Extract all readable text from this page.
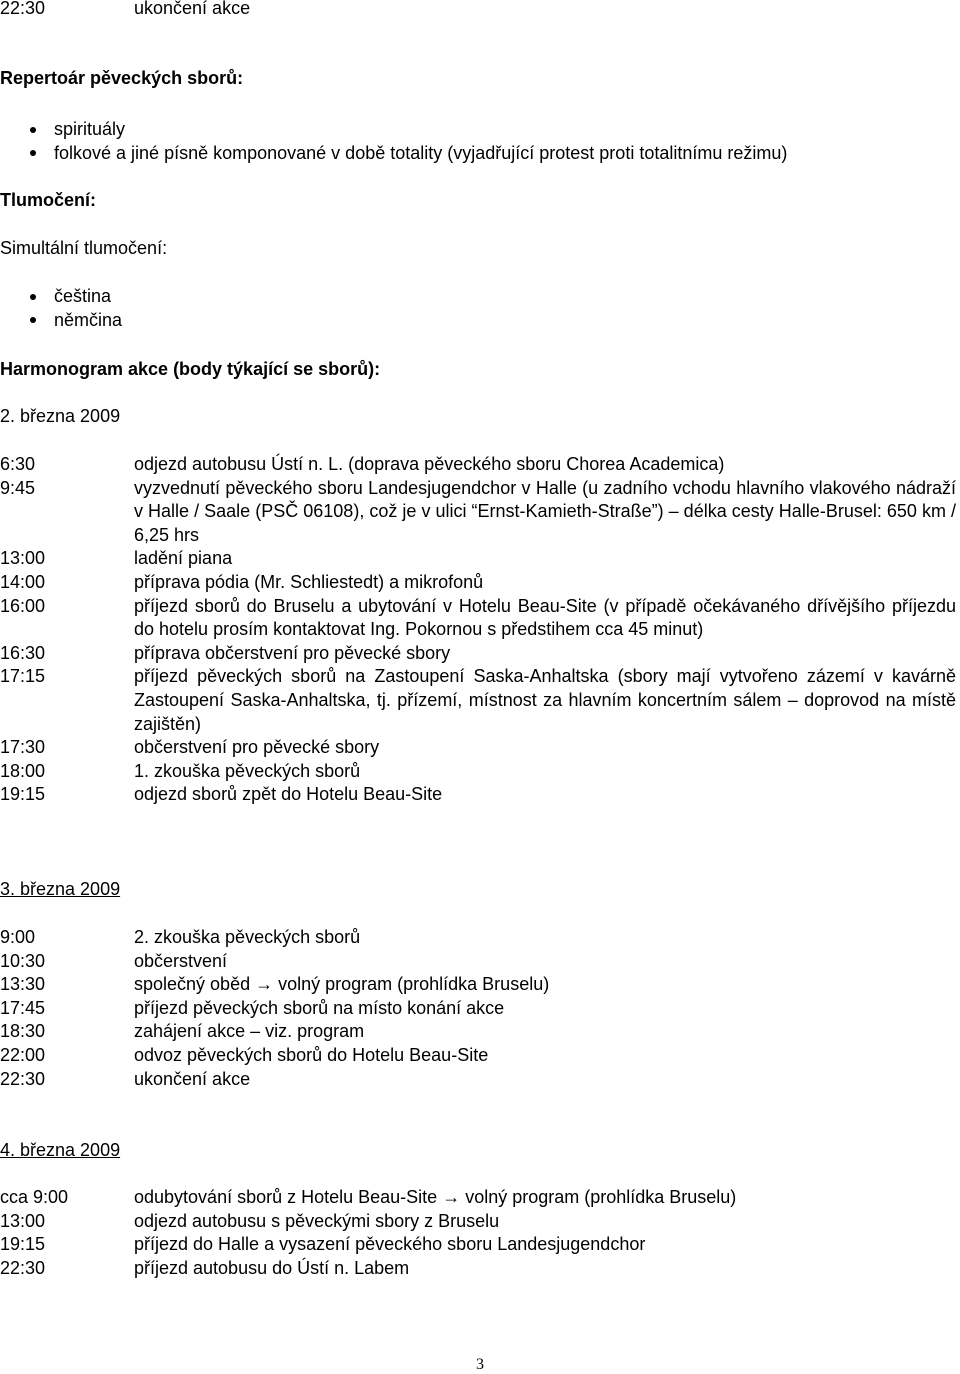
22:30	ukončení akce
Repertoár pěveckých sborů:
spirituály
folkové a jiné písně komponované v době totality (vyjadřující protest proti totalitnímu režimu)
Tlumočení:
Simultální tlumočení:
čeština
němčina
Harmonogram akce (body týkající se sborů):
2. března 2009
6:30	odjezd autobusu Ústí n. L. (doprava pěveckého sboru Chorea Academica)
9:45	vyzvednutí pěveckého sboru Landesjugendchor v Halle (u zadního vchodu hlavního vlakového nádraží v Halle / Saale (PSČ 06108), což je v ulici “Ernst-Kamieth-Straße”) – délka cesty Halle-Brusel: 650 km / 6,25 hrs
13:00	ladění piana
14:00	příprava pódia (Mr. Schliestedt) a mikrofonů
16:00	příjezd sborů do Bruselu a ubytování v Hotelu Beau-Site (v případě očekávaného dřívějšího příjezdu do hotelu prosím kontaktovat Ing. Pokornou s předstihem cca 45 minut)
16:30	příprava občerstvení pro pěvecké sbory
17:15	příjezd pěveckých sborů na Zastoupení Saska-Anhaltska (sbory mají vytvořeno zázemí v kavárně Zastoupení Saska-Anhaltska, tj. přízemí, místnost za hlavním koncertním sálem – doprovod na místě zajištěn)
17:30	občerstvení pro pěvecké sbory
18:00	1. zkouška pěveckých sborů
19:15	odjezd sborů zpět do Hotelu Beau-Site
3. března 2009
9:00	2. zkouška pěveckých sborů
10:30	občerstvení
13:30	společný oběd → volný program (prohlídka Bruselu)
17:45	příjezd pěveckých sborů na místo konání akce
18:30	zahájení akce – viz. program
22:00	odvoz pěveckých sborů do Hotelu Beau-Site
22:30	ukončení akce
4. března 2009
cca 9:00	odubytování sborů z Hotelu Beau-Site → volný program (prohlídka Bruselu)
13:00	odjezd autobusu s pěveckými sbory z Bruselu
19:15	příjezd do Halle a vysazení pěveckého sboru Landesjugendchor
22:30	příjezd autobusu do Ústí n. Labem
3
